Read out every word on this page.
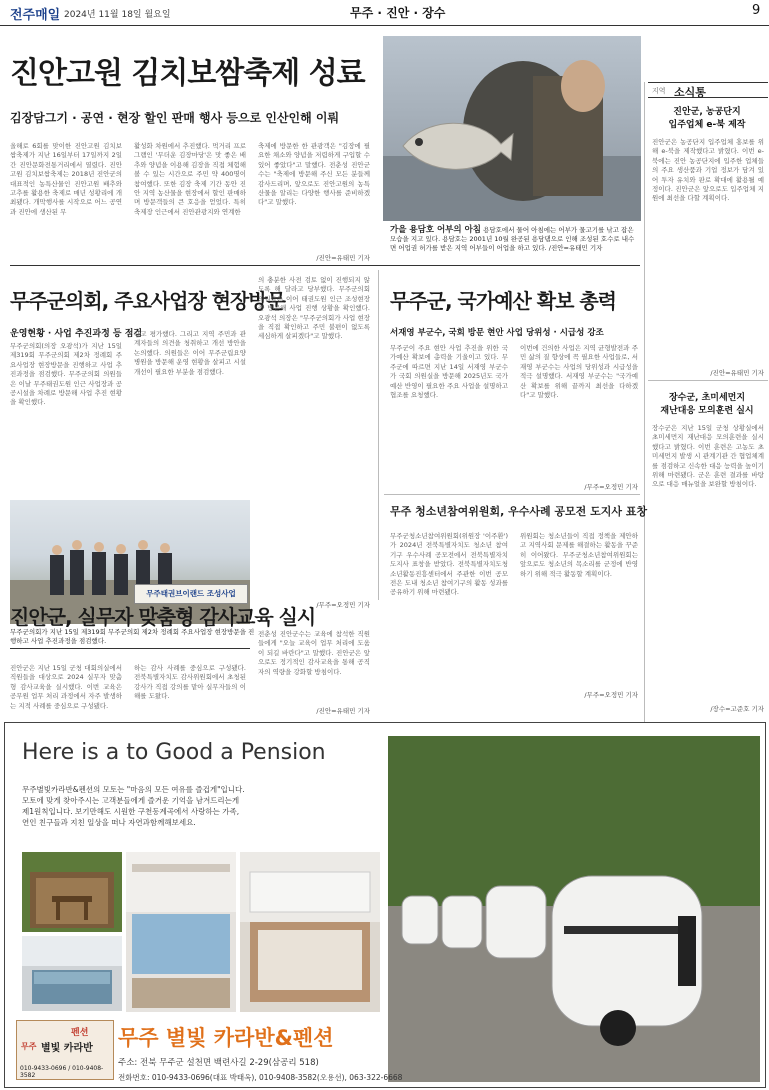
전주매일 2024년 11월 18일 월요일	무주 · 진안 · 장수	9
진안고원 김치보쌈축제 성료
김장담그기 · 공연 · 현장 할인 판매 행사 등으로 인산인해 이뤄
올해로 6회를 맞이한 진안고원 김치보쌈축제가 지난 16일부터 17일까지 2일간 진안문화전통거리에서 열렸다. 진안고원 김치보쌈축제는 2018년 진안군의 대표적인 농특산물인 진안고원 배추와 고추를 활용한 축제로 매년 성황리에 개최됐다. 개막행사를 시작으로 어느 공연과 진안에 생산된 무
활성화 차원에서 추진했다. 먹거리 프로그램인 '무더운 김장마당'은 맛 좋은 배추와 양념을 이용해 김장을 직접 체험해 볼 수 있는 시간으로 주민 약 400명이 참여했다. 또한 김장 축제 기간 동안 진안 지역 농산물을 현장에서 할인 판매하며 방문객들의 큰 호응을 얻었다. 특히 축제장 인근에서 진안관광지와 연계한
축제에 방문한 한 관광객은 "김장에 필요한 채소와 양념을 저렴하게 구입할 수 있어 좋았다"고 말했다. 전춘성 진안군수는 "축제에 방문해 주신 모든 분들께 감사드리며, 앞으로도 진안고원의 농특산물을 알리는 다양한 행사를 준비하겠다"고 말했다.
/진안=유태민 기자
가을 용담호 어부의 아침 용담호에서 물어 아침에는 어부가 물고기를 낚고 잡은 모습을 지고 있다. 용담호는 2001년 10월 완공된 용담댐으로 인해 조성된 호수로 내수면 어업권 허가를 받은 지역 어부들이 어업을 하고 있다. /진안=유태민 기자
지역 소식통
진안군, 농공단지
입주업체 e-북 제작
진안군은 농공단지 입주업체 홍보를 위해 e-북을 제작했다고 밝혔다. 이번 e-북에는 진안 농공단지에 입주한 업체들의 주요 생산품과 기업 정보가 담겨 있어 투자 유치와 판로 확대에 활용될 예정이다. 진안군은 앞으로도 입주업체 지원에 최선을 다할 계획이다.
/진안=유태민 기자
장수군, 초미세먼지
재난대응 모의훈련 실시
장수군은 지난 15일 군청 상황실에서 초미세먼지 재난대응 모의훈련을 실시했다고 밝혔다. 이번 훈련은 고농도 초미세먼지 발생 시 관계기관 간 협업체계를 점검하고 신속한 대응 능력을 높이기 위해 마련됐다. 군은 훈련 결과를 바탕으로 대응 매뉴얼을 보완할 방침이다.
/장수=고준호 기자
무주군의회, 주요사업장 현장방문
운영현황 · 사업 추진과정 등 점검
무주군의회(의장 오광석)가 지난 15일 제319회 무주군의회 제2차 정례회 주요사업장 현장방문을 진행하고 사업 추진과정을 점검했다. 무주군의회 의원들은 이날 무주태권도원 인근 사업장과 공공시설을 차례로 방문해 사업 추진 현황을 확인했다.
다고 평가했다. 그리고 지역 주민과 관계자들의 의견을 청취하고 개선 방안을 논의했다. 의원들은 이어 무주군립요양병원을 방문해 운영 현황을 살피고 시설 개선이 필요한 부분을 점검했다.
의 충분한 사전 검토 없이 진행되지 않도록 해 달라고 당부했다. 무주군의회 의원들은 이어 태권도원 인근 조성현장을 방문해 사업 진행 상황을 확인했다. 오광석 의장은 "무주군의회가 사업 현장을 직접 확인하고 주민 불편이 없도록 세심하게 살피겠다"고 말했다.
/무주=오정민 기자
무주태권브이랜드 조성사업
무주군의회가 지난 15일 제319회 무주군의회 제2차 정례회 주요사업장 현장방문을 진행하고 사업 추진과정을 점검했다.
무주군, 국가예산 확보 총력
서재영 부군수, 국회 방문 현안 사업 당위성 · 시급성 강조
무주군이 주요 현안 사업 추진을 위한 국가예산 확보에 총력을 기울이고 있다. 무주군에 따르면 지난 14일 서재영 부군수가 국회 의원실을 방문해 2025년도 국가예산 반영이 필요한 주요 사업을 설명하고 협조를 요청했다.
이번에 건의한 사업은 지역 균형발전과 주민 삶의 질 향상에 꼭 필요한 사업들로, 서재영 부군수는 사업의 당위성과 시급성을 적극 설명했다. 서재영 부군수는 "국가예산 확보를 위해 끝까지 최선을 다하겠다"고 말했다.
/무주=오정민 기자
무주 청소년참여위원회, 우수사례 공모전 도지사 표창
무주군청소년참여위원회(위원장 '이주환')가 2024년 전북특별자치도 청소년 참여기구 우수사례 공모전에서 전북특별자치도지사 표창을 받았다. 전북특별자치도청소년활동진흥센터에서 주관한 이번 공모전은 도내 청소년 참여기구의 활동 성과를 공유하기 위해 마련됐다.
위원회는 청소년들이 직접 정책을 제안하고 지역사회 문제를 해결하는 활동을 꾸준히 이어왔다. 무주군청소년참여위원회는 앞으로도 청소년의 목소리를 군정에 반영하기 위해 적극 활동할 계획이다.
/무주=오정민 기자
진안군, 실무자 맞춤형 감사교육 실시
진안군은 지난 15일 군청 대회의실에서 직원들을 대상으로 2024 실무자 맞춤형 감사교육을 실시했다. 이번 교육은 공무원 업무 처리 과정에서 자주 발생하는 지적 사례를 중심으로 구성됐다.
하는 감사 사례를 중심으로 구성됐다. 전북특별자치도 감사위원회에서 초청된 강사가 직접 강의를 맡아 실무자들의 이해를 도왔다.
전춘성 진안군수는 교육에 참석한 직원들에게 "오늘 교육이 업무 처리에 도움이 되길 바란다"고 말했다. 진안군은 앞으로도 정기적인 감사교육을 통해 공직자의 역량을 강화할 방침이다.
/진안=유태민 기자
Here is a to Good a Pension
무주별빛카라반&펜션의 모토는 "마음의 모든 여유를 즐겁게"입니다.
모토에 맞게 찾아주시는 고객분들에게 즐거운 기억을 남겨드리는게
제1원칙입니다. 보기만해도 시원한 구천동계곡에서 사랑하는 가족,
연인 친구들과 지친 일상을 떠나 자연과함께해보세요.
펜션
무주 별빛 카라반
010-9433-0696 / 010-9408-3582
무주 별빛 카라반&펜션
주소: 전북 무주군 설천면 백련사길 2-29(삼공리 518)
전화번호: 010-9433-0696(대표 박태옥), 010-9408-3582(오용선), 063-322-6668
